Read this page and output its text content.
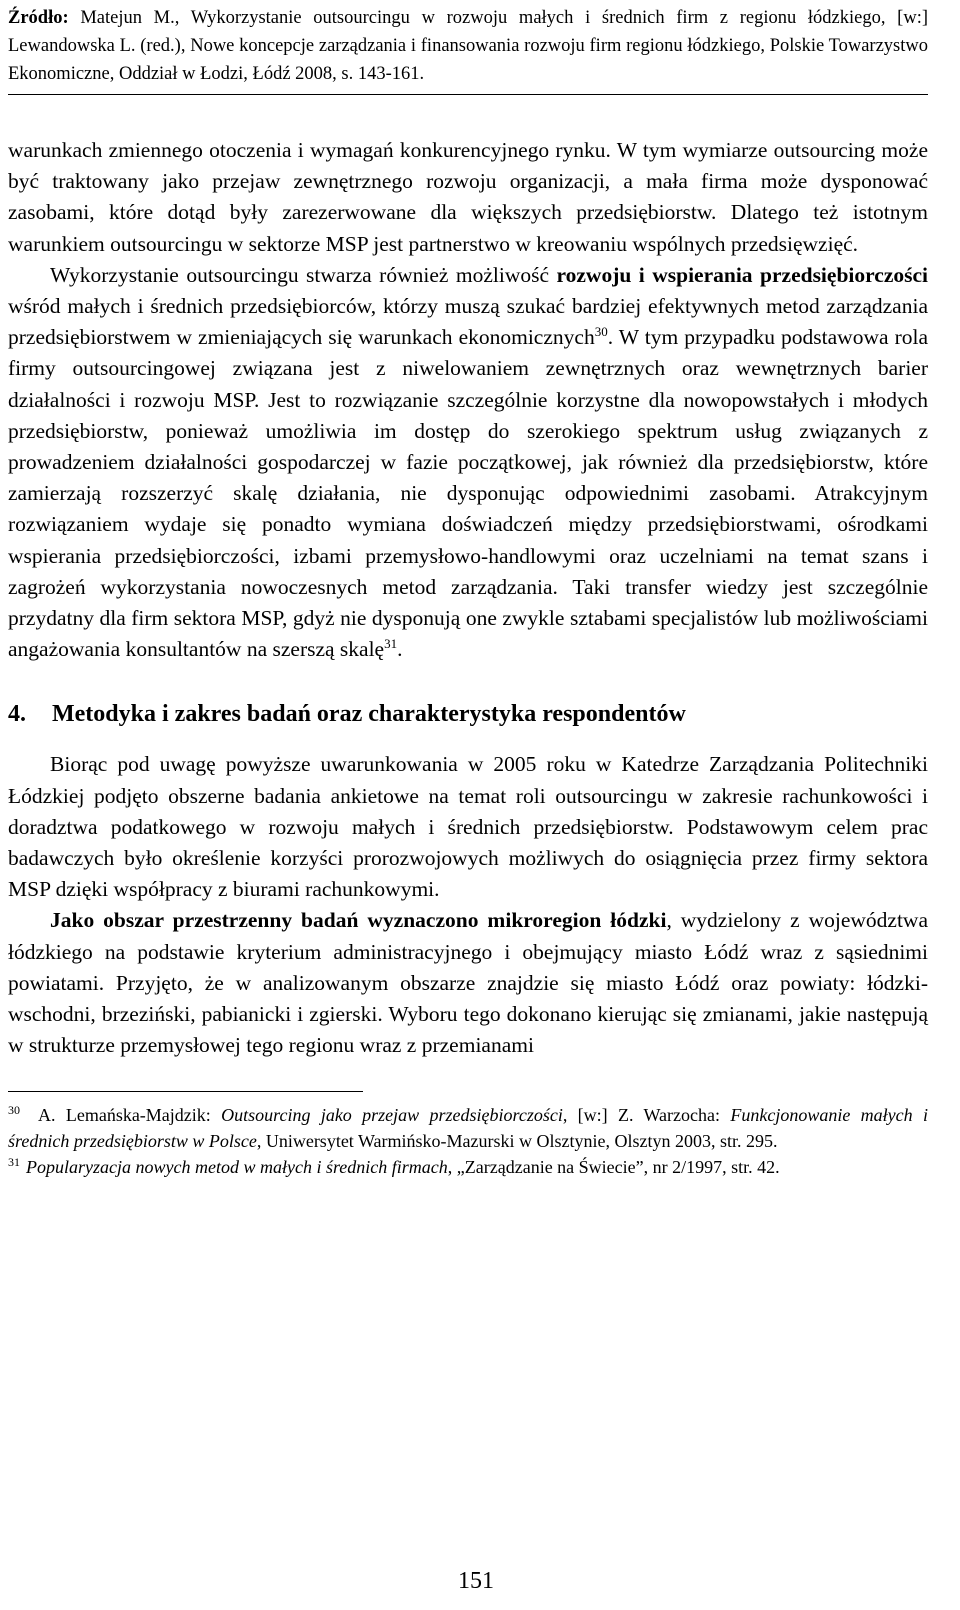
Źródło: Matejun M., Wykorzystanie outsourcingu w rozwoju małych i średnich firm z regionu łódzkiego, [w:] Lewandowska L. (red.), Nowe koncepcje zarządzania i finansowania rozwoju firm regionu łódzkiego, Polskie Towarzystwo Ekonomiczne, Oddział w Łodzi, Łódź 2008, s. 143-161.

warunkach zmiennego otoczenia i wymagań konkurencyjnego rynku. W tym wymiarze outsourcing może być traktowany jako przejaw zewnętrznego rozwoju organizacji, a mała firma może dysponować zasobami, które dotąd były zarezerwowane dla większych przedsiębiorstw. Dlatego też istotnym warunkiem outsourcingu w sektorze MSP jest partnerstwo w kreowaniu wspólnych przedsięwzięć.

Wykorzystanie outsourcingu stwarza również możliwość rozwoju i wspierania przedsiębiorczości wśród małych i średnich przedsiębiorców, którzy muszą szukać bardziej efektywnych metod zarządzania przedsiębiorstwem w zmieniających się warunkach ekonomicznych$^{30}$. W tym przypadku podstawowa rola firmy outsourcingowej związana jest z niwelowaniem zewnętrznych oraz wewnętrznych barier działalności i rozwoju MSP. Jest to rozwiązanie szczególnie korzystne dla nowopowstałych i młodych przedsiębiorstw, ponieważ umożliwia im dostęp do szerokiego spektrum usług związanych z prowadzeniem działalności gospodarczej w fazie początkowej, jak również dla przedsiębiorstw, które zamierzają rozszerzyć skalę działania, nie dysponując odpowiednimi zasobami. Atrakcyjnym rozwiązaniem wydaje się ponadto wymiana doświadczeń między przedsiębiorstwami, ośrodkami wspierania przedsiębiorczości, izbami przemysłowo-handlowymi oraz uczelniami na temat szans i zagrożeń wykorzystania nowoczesnych metod zarządzania. Taki transfer wiedzy jest szczególnie przydatny dla firm sektora MSP, gdyż nie dysponują one zwykle sztabami specjalistów lub możliwościami angażowania konsultantów na szerszą skalę$^{31}$.

4. Metodyka i zakres badań oraz charakterystyka respondentów

Biorąc pod uwagę powyższe uwarunkowania w 2005 roku w Katedrze Zarządzania Politechniki Łódzkiej podjęto obszerne badania ankietowe na temat roli outsourcingu w zakresie rachunkowości i doradztwa podatkowego w rozwoju małych i średnich przedsiębiorstw. Podstawowym celem prac badawczych było określenie korzyści prorozwojowych możliwych do osiągnięcia przez firmy sektora MSP dzięki współpracy z biurami rachunkowymi.

Jako obszar przestrzenny badań wyznaczono mikroregion łódzki, wydzielony z województwa łódzkiego na podstawie kryterium administracyjnego i obejmujący miasto Łódź wraz z sąsiednimi powiatami. Przyjęto, że w analizowanym obszarze znajdzie się miasto Łódź oraz powiaty: łódzki-wschodni, brzeziński, pabianicki i zgierski. Wyboru tego dokonano kierując się zmianami, jakie następują w strukturze przemysłowej tego regionu wraz z przemianami

$^{30}$ A. Lemańska-Majdzik: Outsourcing jako przejaw przedsiębiorczości, [w:] Z. Warzocha: Funkcjonowanie małych i średnich przedsiębiorstw w Polsce, Uniwersytet Warmińsko-Mazurski w Olsztynie, Olsztyn 2003, str. 295.

$^{31}$ Popularyzacja nowych metod w małych i średnich firmach, „Zarządzanie na Świecie”, nr 2/1997, str. 42.

151
